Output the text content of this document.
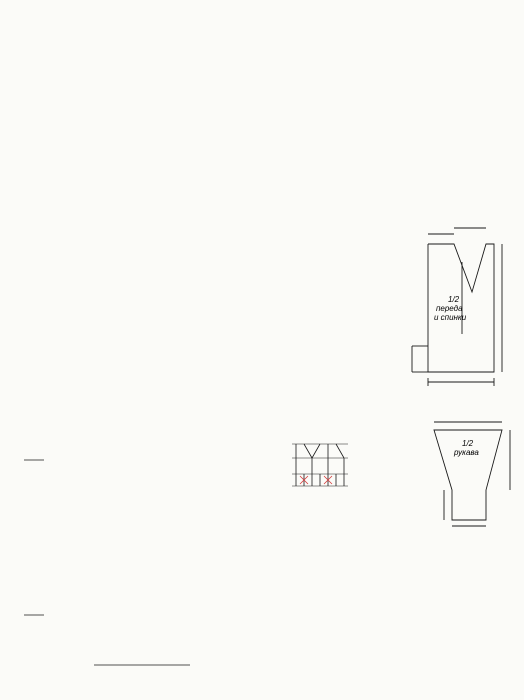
1/2 переда и спинки
1/2 рукава
